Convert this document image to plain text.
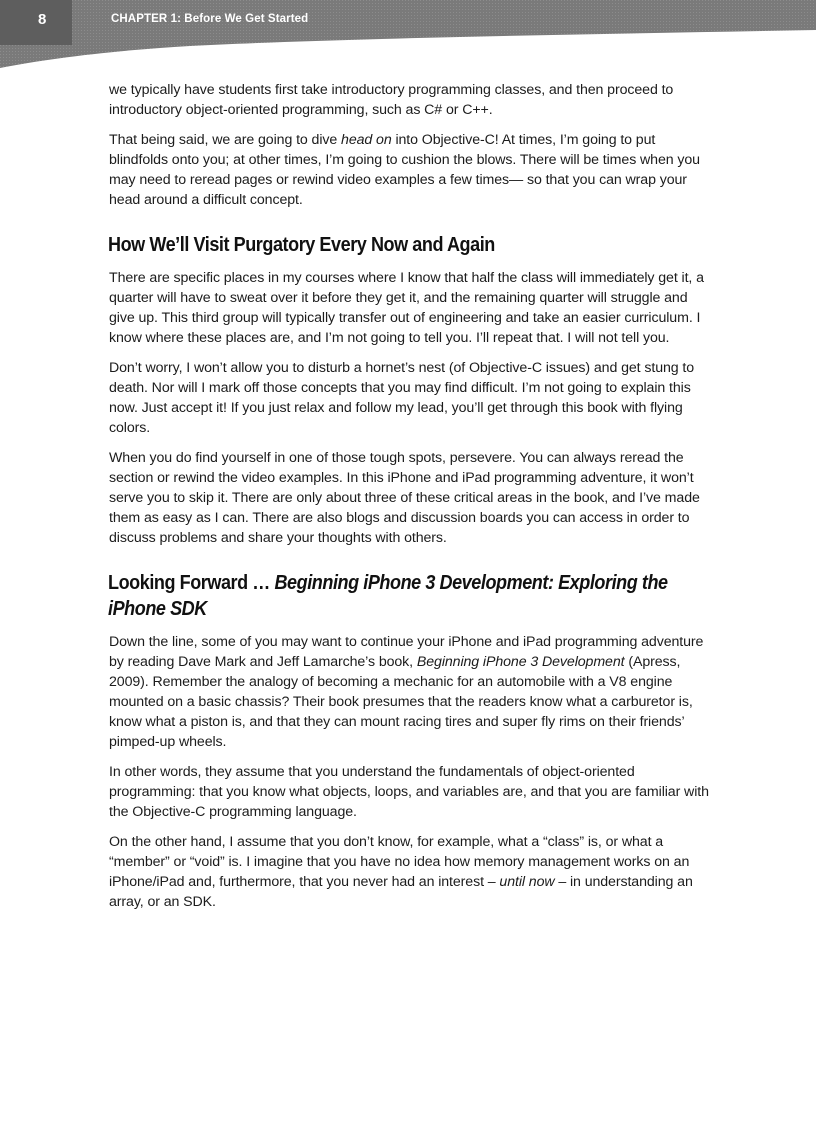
8	CHAPTER 1: Before We Get Started

we typically have students first take introductory programming classes, and then proceed to introductory object-oriented programming, such as C# or C++.

That being said, we are going to dive head on into Objective-C! At times, I’m going to put blindfolds onto you; at other times, I’m going to cushion the blows. There will be times when you may need to reread pages or rewind video examples a few times— so that you can wrap your head around a difficult concept.

How We’ll Visit Purgatory Every Now and Again

There are specific places in my courses where I know that half the class will immediately get it, a quarter will have to sweat over it before they get it, and the remaining quarter will struggle and give up. This third group will typically transfer out of engineering and take an easier curriculum. I know where these places are, and I’m not going to tell you. I’ll repeat that. I will not tell you.

Don’t worry, I won’t allow you to disturb a hornet’s nest (of Objective-C issues) and get stung to death. Nor will I mark off those concepts that you may find difficult. I’m not going to explain this now. Just accept it! If you just relax and follow my lead, you’ll get through this book with flying colors.

When you do find yourself in one of those tough spots, persevere. You can always reread the section or rewind the video examples. In this iPhone and iPad programming adventure, it won’t serve you to skip it. There are only about three of these critical areas in the book, and I’ve made them as easy as I can. There are also blogs and discussion boards you can access in order to discuss problems and share your thoughts with others.

Looking Forward … Beginning iPhone 3 Development: Exploring the iPhone SDK

Down the line, some of you may want to continue your iPhone and iPad programming adventure by reading Dave Mark and Jeff Lamarche’s book, Beginning iPhone 3 Development (Apress, 2009). Remember the analogy of becoming a mechanic for an automobile with a V8 engine mounted on a basic chassis? Their book presumes that the readers know what a carburetor is, know what a piston is, and that they can mount racing tires and super fly rims on their friends’ pimped-up wheels.

In other words, they assume that you understand the fundamentals of object-oriented programming: that you know what objects, loops, and variables are, and that you are familiar with the Objective-C programming language.

On the other hand, I assume that you don’t know, for example, what a “class” is, or what a “member” or “void” is. I imagine that you have no idea how memory management works on an iPhone/iPad and, furthermore, that you never had an interest – until now – in understanding an array, or an SDK.
